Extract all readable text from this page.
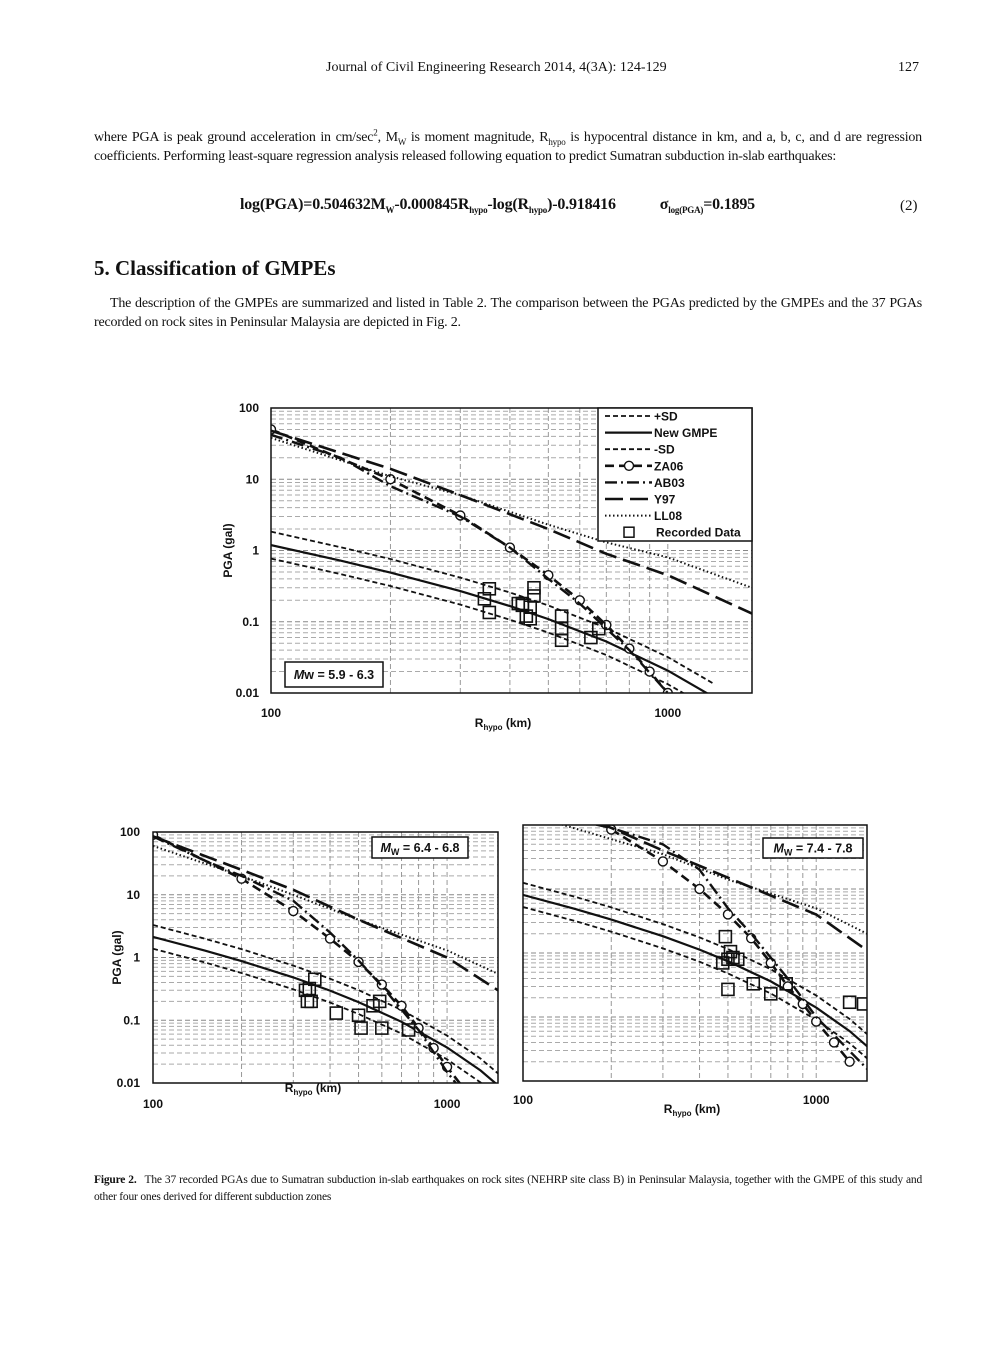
Journal of Civil Engineering Research 2014, 4(3A): 124-129	127
where PGA is peak ground acceleration in $cm/\sec^2$, $M_W$ is moment magnitude, $R_{hypo}$ is hypocentral distance in km, and a, b, c, and d are regression coefficients. Performing least-square regression analysis released following equation to predict Sumatran subduction in-slab earthquakes:
$\log(PGA)=0.504632M_W-0.000845R_{hypo}-\log(R_{hypo})-0.918416$	$\sigma_{log(PGA)}=0.1895$	(2)
5. Classification of GMPEs
The description of the GMPEs are summarized and listed in Table 2. The comparison between the PGAs predicted by the GMPEs and the 37 PGAs recorded on rock sites in Peninsular Malaysia are depicted in Fig. 2.
0.01
0.1
1
10
100
100	1000
$R_{hypo}$ (km)
PGA (gal)
Mw = 5.9 - 6.3
+SD
New GMPE
-SD
ZA06
AB03
Y97
LL08
Recorded Data
0.01
0.1
1
10
100
100	1000
$R_{hypo}$ (km)
PGA (gal)
$M_W = 6.4 - 6.8$
100	1000
$R_{hypo}$ (km)
$M_W = 7.4 - 7.8$
Figure 2. The 37 recorded PGAs due to Sumatran subduction in-slab earthquakes on rock sites (NEHRP site class B) in Peninsular Malaysia, together with the GMPE of this study and other four ones derived for different subduction zones
